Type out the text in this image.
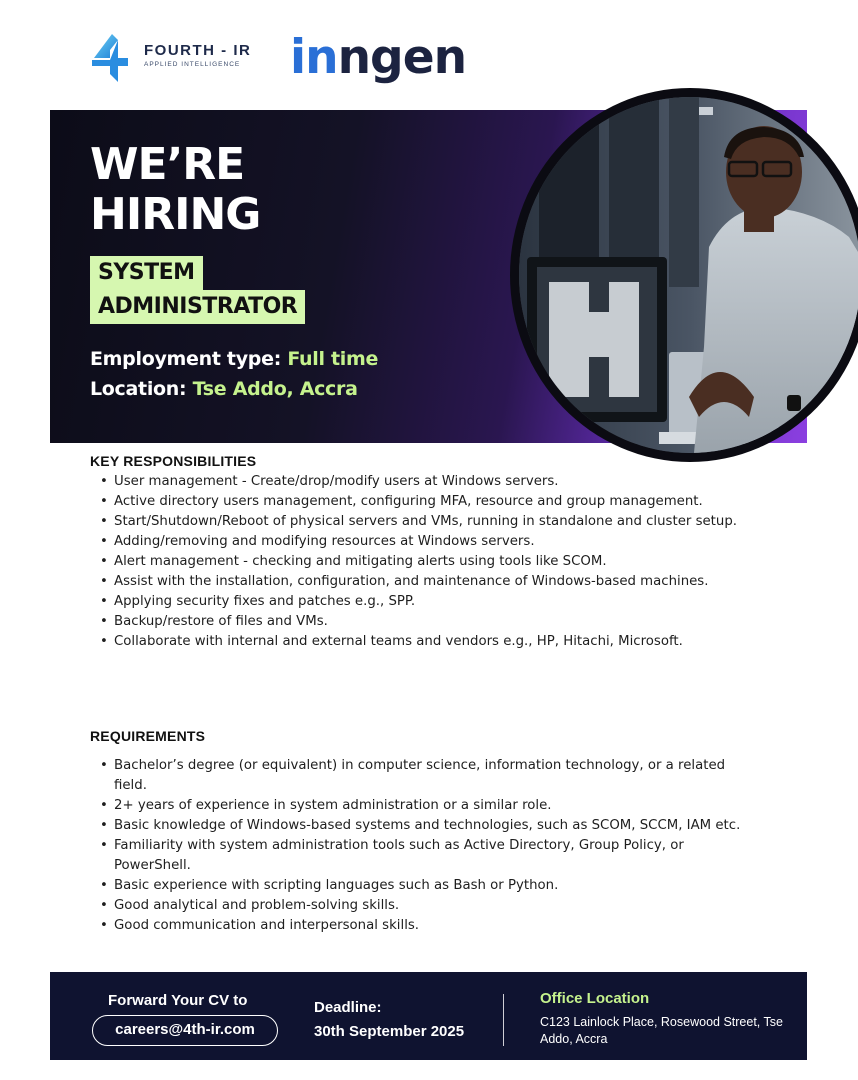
FOURTH - IR
APPLIED INTELLIGENCE inngen
WE’RE
HIRING
SYSTEM
ADMINISTRATOR
Employment type: Full time
Location: Tse Addo, Accra
KEY RESPONSIBILITIES
• User management - Create/drop/modify users at Windows servers.
• Active directory users management, configuring MFA, resource and group management.
• Start/Shutdown/Reboot of physical servers and VMs, running in standalone and cluster setup.
• Adding/removing and modifying resources at Windows servers.
• Alert management - checking and mitigating alerts using tools like SCOM.
• Assist with the installation, configuration, and maintenance of Windows-based machines.
• Applying security fixes and patches e.g., SPP.
• Backup/restore of files and VMs.
• Collaborate with internal and external teams and vendors e.g., HP, Hitachi, Microsoft.
REQUIREMENTS
• Bachelor’s degree (or equivalent) in computer science, information technology, or a related field.
• 2+ years of experience in system administration or a similar role.
• Basic knowledge of Windows-based systems and technologies, such as SCOM, SCCM, IAM etc.
• Familiarity with system administration tools such as Active Directory, Group Policy, or PowerShell.
• Basic experience with scripting languages such as Bash or Python.
• Good analytical and problem-solving skills.
• Good communication and interpersonal skills.
Forward Your CV to
careers@4th-ir.com
Deadline:
30th September 2025
Office Location
C123 Lainlock Place, Rosewood Street, Tse Addo, Accra
